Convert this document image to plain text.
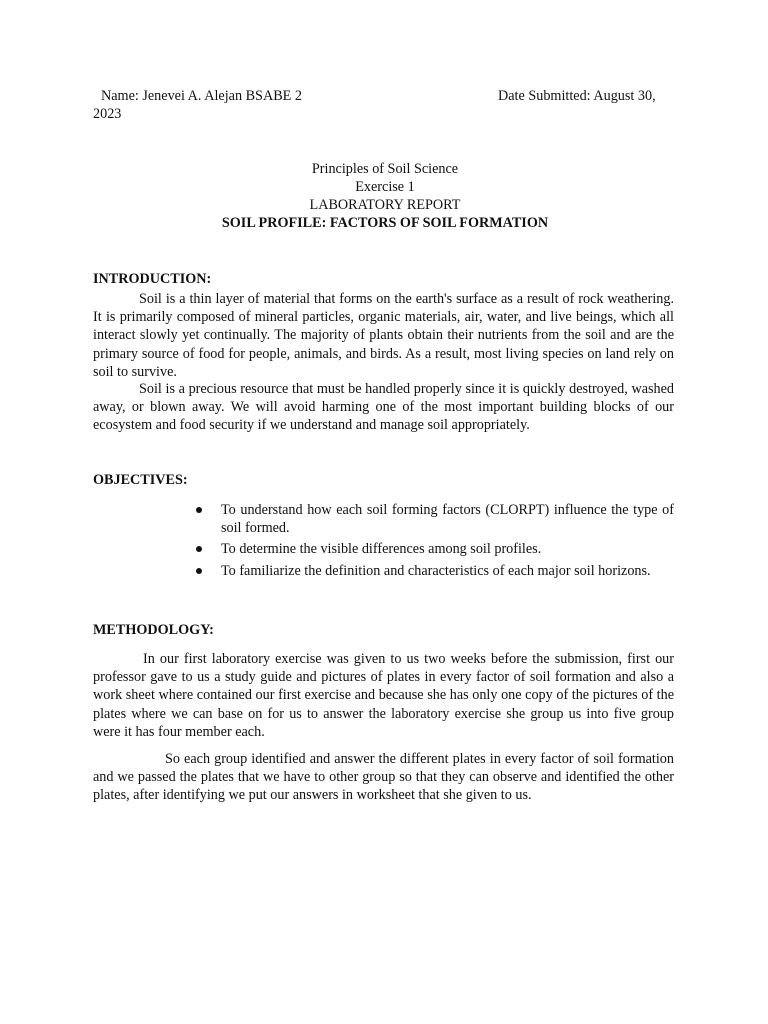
Name: Jenevei A. Alejan BSABE 2	Date Submitted: August 30,
2023
Principles of Soil Science
Exercise 1
LABORATORY REPORT
SOIL PROFILE: FACTORS OF SOIL FORMATION
INTRODUCTION:
Soil is a thin layer of material that forms on the earth's surface as a result of rock weathering. It is primarily composed of mineral particles, organic materials, air, water, and live beings, which all interact slowly yet continually. The majority of plants obtain their nutrients from the soil and are the primary source of food for people, animals, and birds. As a result, most living species on land rely on soil to survive.
Soil is a precious resource that must be handled properly since it is quickly destroyed, washed away, or blown away. We will avoid harming one of the most important building blocks of our ecosystem and food security if we understand and manage soil appropriately.
OBJECTIVES:
To understand how each soil forming factors (CLORPT) influence the type of soil formed.
To determine the visible differences among soil profiles.
To familiarize the definition and characteristics of each major soil horizons.
METHODOLOGY:
In our first laboratory exercise was given to us two weeks before the submission, first our professor gave to us a study guide and pictures of plates in every factor of soil formation and also a work sheet where contained our first exercise and because she has only one copy of the pictures of the plates where we can base on for us to answer the laboratory exercise she group us into five group were it has four member each.
So each group identified and answer the different plates in every factor of soil formation and we passed the plates that we have to other group so that they can observe and identified the other plates, after identifying we put our answers in worksheet that she given to us.
